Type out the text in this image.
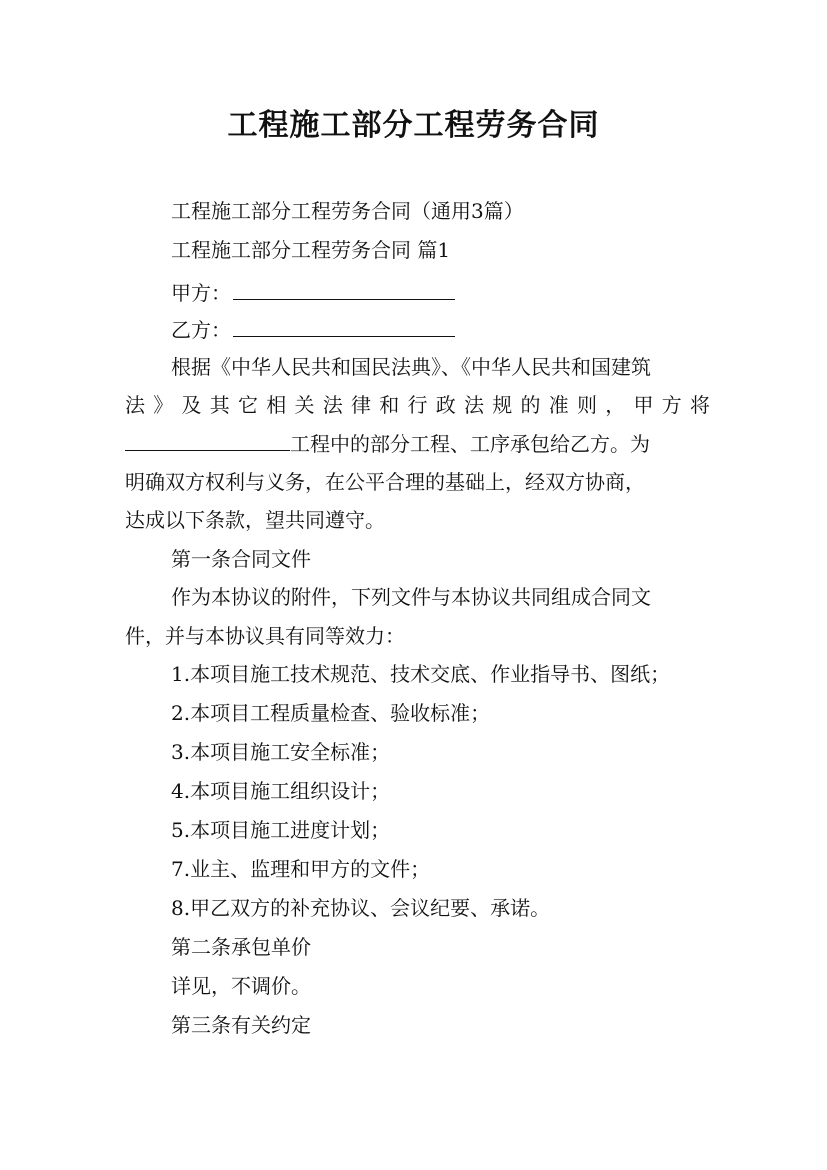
工程施工部分工程劳务合同
工程施工部分工程劳务合同（通用3篇）
工程施工部分工程劳务合同 篇1
甲方：
乙方：
根据《中华人民共和国民法典》、《中华人民共和国建筑
法》及其它相关法律和行政法规的准则，甲方将
工程中的部分工程、工序承包给乙方。为
明确双方权利与义务，在公平合理的基础上，经双方协商，
达成以下条款，望共同遵守。
第一条合同文件
作为本协议的附件，下列文件与本协议共同组成合同文
件，并与本协议具有同等效力：
1.本项目施工技术规范、技术交底、作业指导书、图纸；
2.本项目工程质量检查、验收标准；
3.本项目施工安全标准；
4.本项目施工组织设计；
5.本项目施工进度计划；
7.业主、监理和甲方的文件；
8.甲乙双方的补充协议、会议纪要、承诺。
第二条承包单价
详见，不调价。
第三条有关约定
